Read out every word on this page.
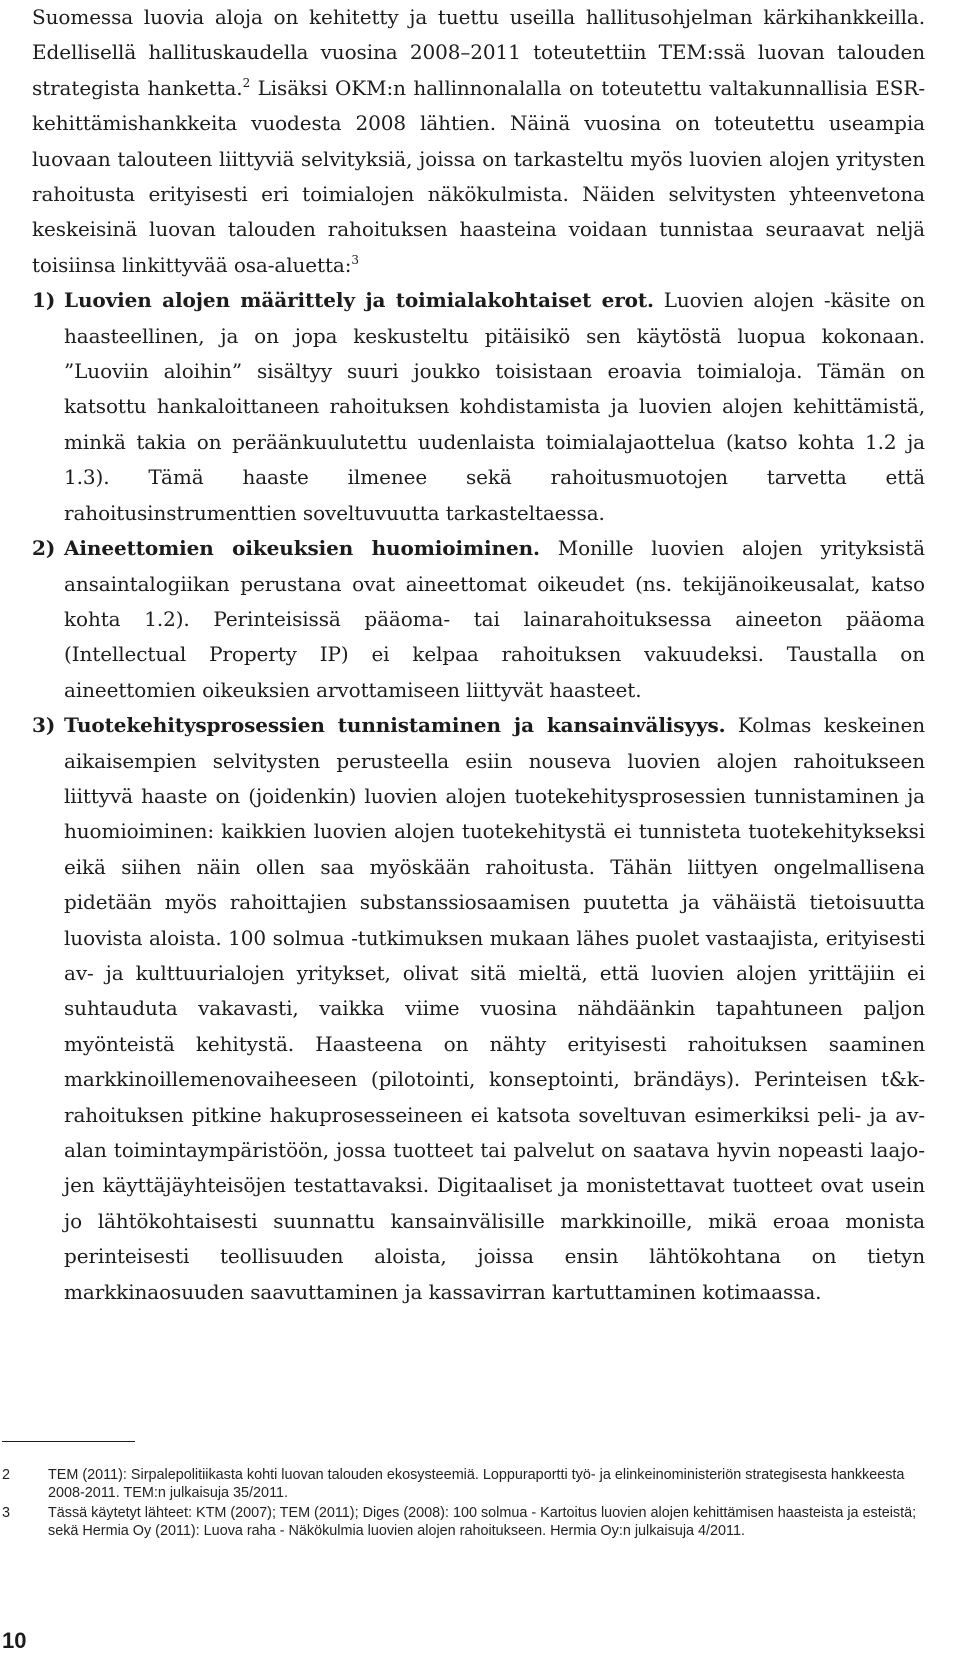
Suomessa luovia aloja on kehitetty ja tuettu useilla hallitusohjelman kärkihankkeilla. Edellisellä hallituskaudella vuosina 2008–2011 toteutettiin TEM:ssä luovan talouden strategista hanketta.$^2$ Lisäksi OKM:n hallinnonalalla on toteutettu valtakunnallisia ESR-kehittämishankkeita vuodesta 2008 lähtien. Näinä vuosina on toteutettu useampia luovaan talouteen liittyviä selvityksiä, joissa on tarkasteltu myös luovien alojen yritysten rahoitusta erityisesti eri toimialojen näkökulmista. Näiden selvitysten yhteenvetona keskeisinä luovan talouden rahoituksen haasteina voidaan tunnistaa seuraavat neljä toisiinsa linkittyvää osa-aluetta:$^3$

1) Luovien alojen määrittely ja toimialakohtaiset erot. Luovien alojen -käsite on haasteellinen, ja on jopa keskusteltu pitäisikö sen käytöstä luopua kokonaan. ”Luoviin aloihin” sisältyy suuri joukko toisistaan eroavia toimialoja. Tämän on katsottu hankaloittaneen rahoituksen kohdistamista ja luovien alojen kehittämistä, minkä takia on peräänkuulutettu uudenlaista toimialajaottelua (katso kohta 1.2 ja 1.3). Tämä haaste ilmenee sekä rahoitusmuotojen tarvetta että rahoitusinstrumenttien soveltuvuutta tarkasteltaessa.
2) Aineettomien oikeuksien huomioiminen. Monille luovien alojen yrityksistä ansaintalogiikan perustana ovat aineettomat oikeudet (ns. tekijänoikeusalat, katso kohta 1.2). Perinteisissä pääoma- tai lainarahoituksessa aineeton pääoma (Intellectual Property IP) ei kelpaa rahoituksen vakuudeksi. Taustalla on aineettomien oikeuksien arvottamiseen liittyvät haasteet.
3) Tuotekehitysprosessien tunnistaminen ja kansainvälisyys. Kolmas keskeinen aikaisempien selvitysten perusteella esiin nouseva luovien alojen rahoitukseen liittyvä haaste on (joidenkin) luovien alojen tuotekehitysprosessien tunnistaminen ja huomioiminen: kaikkien luovien alojen tuotekehitystä ei tunnisteta tuotekehitykseksi eikä siihen näin ollen saa myöskään rahoitusta. Tähän liittyen ongelmallisena pidetään myös rahoittajien substanssiosaamisen puutetta ja vähäistä tietoisuutta luovista aloista. 100 solmua -tutkimuksen mukaan lähes puolet vastaajista, erityisesti av- ja kulttuurialojen yritykset, olivat sitä mieltä, että luovien alojen yrittäjiin ei suhtauduta vakavasti, vaikka viime vuosina nähdäänkin tapahtuneen paljon myönteistä kehitystä. Haasteena on nähty erityisesti rahoituksen saaminen markkinoillemenovaiheeseen (pilotointi, konseptointi, brändäys). Perinteisen t&k-rahoituksen pitkine hakuprosesseineen ei katsota soveltuvan esimerkiksi peli- ja av-alan toimintaympäristöön, jossa tuotteet tai palvelut on saatava hyvin nopeasti laajojen käyttäjäyhteisöjen testattavaksi. Digitaaliset ja monistettavat tuotteet ovat usein jo lähtökohtaisesti suunnattu kansainvälisille markkinoille, mikä eroaa monista perinteisesti teollisuuden aloista, joissa ensin lähtökohtana on tietyn markkinaosuuden saavuttaminen ja kassavirran kartuttaminen kotimaassa.

2	TEM (2011): Sirpalepolitiikasta kohti luovan talouden ekosysteemiä. Loppuraportti työ- ja elinkeinoministeriön strategisesta hankkeesta 2008-2011. TEM:n julkaisuja 35/2011.

3	Tässä käytetyt lähteet: KTM (2007); TEM (2011); Diges (2008): 100 solmua - Kartoitus luovien alojen kehittämisen haasteista ja esteistä; sekä Hermia Oy (2011): Luova raha - Näkökulmia luovien alojen rahoitukseen. Hermia Oy:n julkaisuja 4/2011.

10
